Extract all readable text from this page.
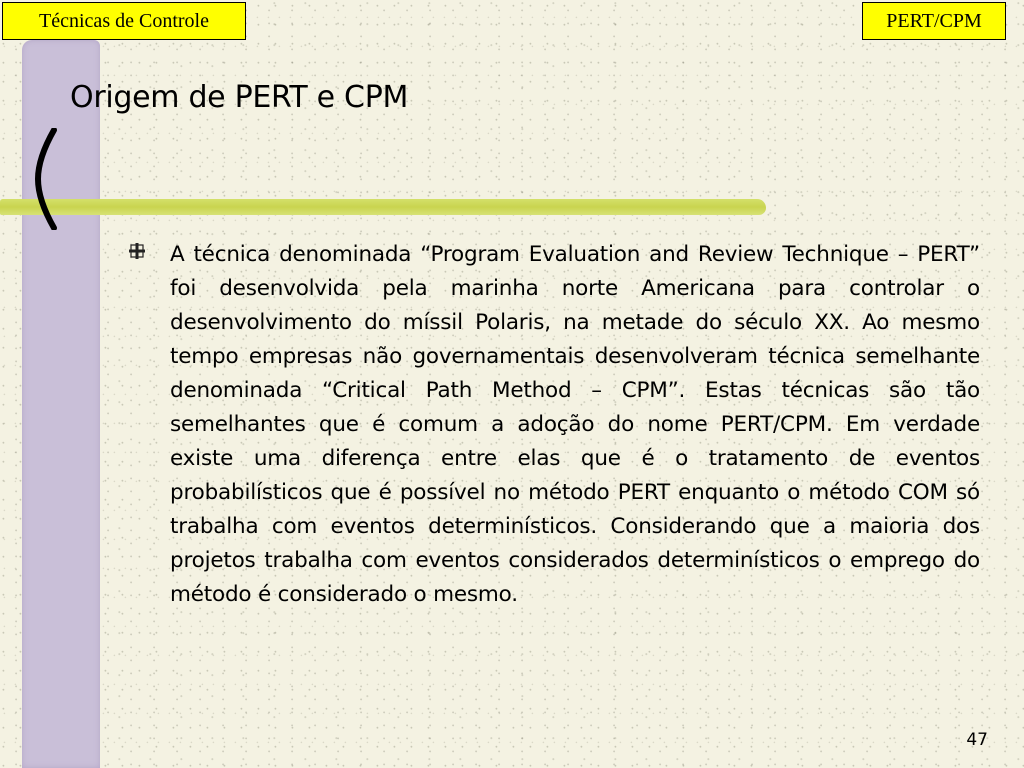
Técnicas de Controle	PERT/CPM
Origem de PERT e CPM
A técnica denominada “Program Evaluation and Review Technique – PERT” foi desenvolvida pela marinha norte Americana para controlar o desenvolvimento do míssil Polaris, na metade do século XX. Ao mesmo tempo empresas não governamentais desenvolveram técnica semelhante denominada “Critical Path Method – CPM”. Estas técnicas são tão semelhantes que é comum a adoção do nome PERT/CPM. Em verdade existe uma diferença entre elas que é o tratamento de eventos probabilísticos que é possível no método PERT enquanto o método COM só trabalha com eventos determinísticos. Considerando que a maioria dos projetos trabalha com eventos considerados determinísticos o emprego do método é considerado o mesmo.
47
